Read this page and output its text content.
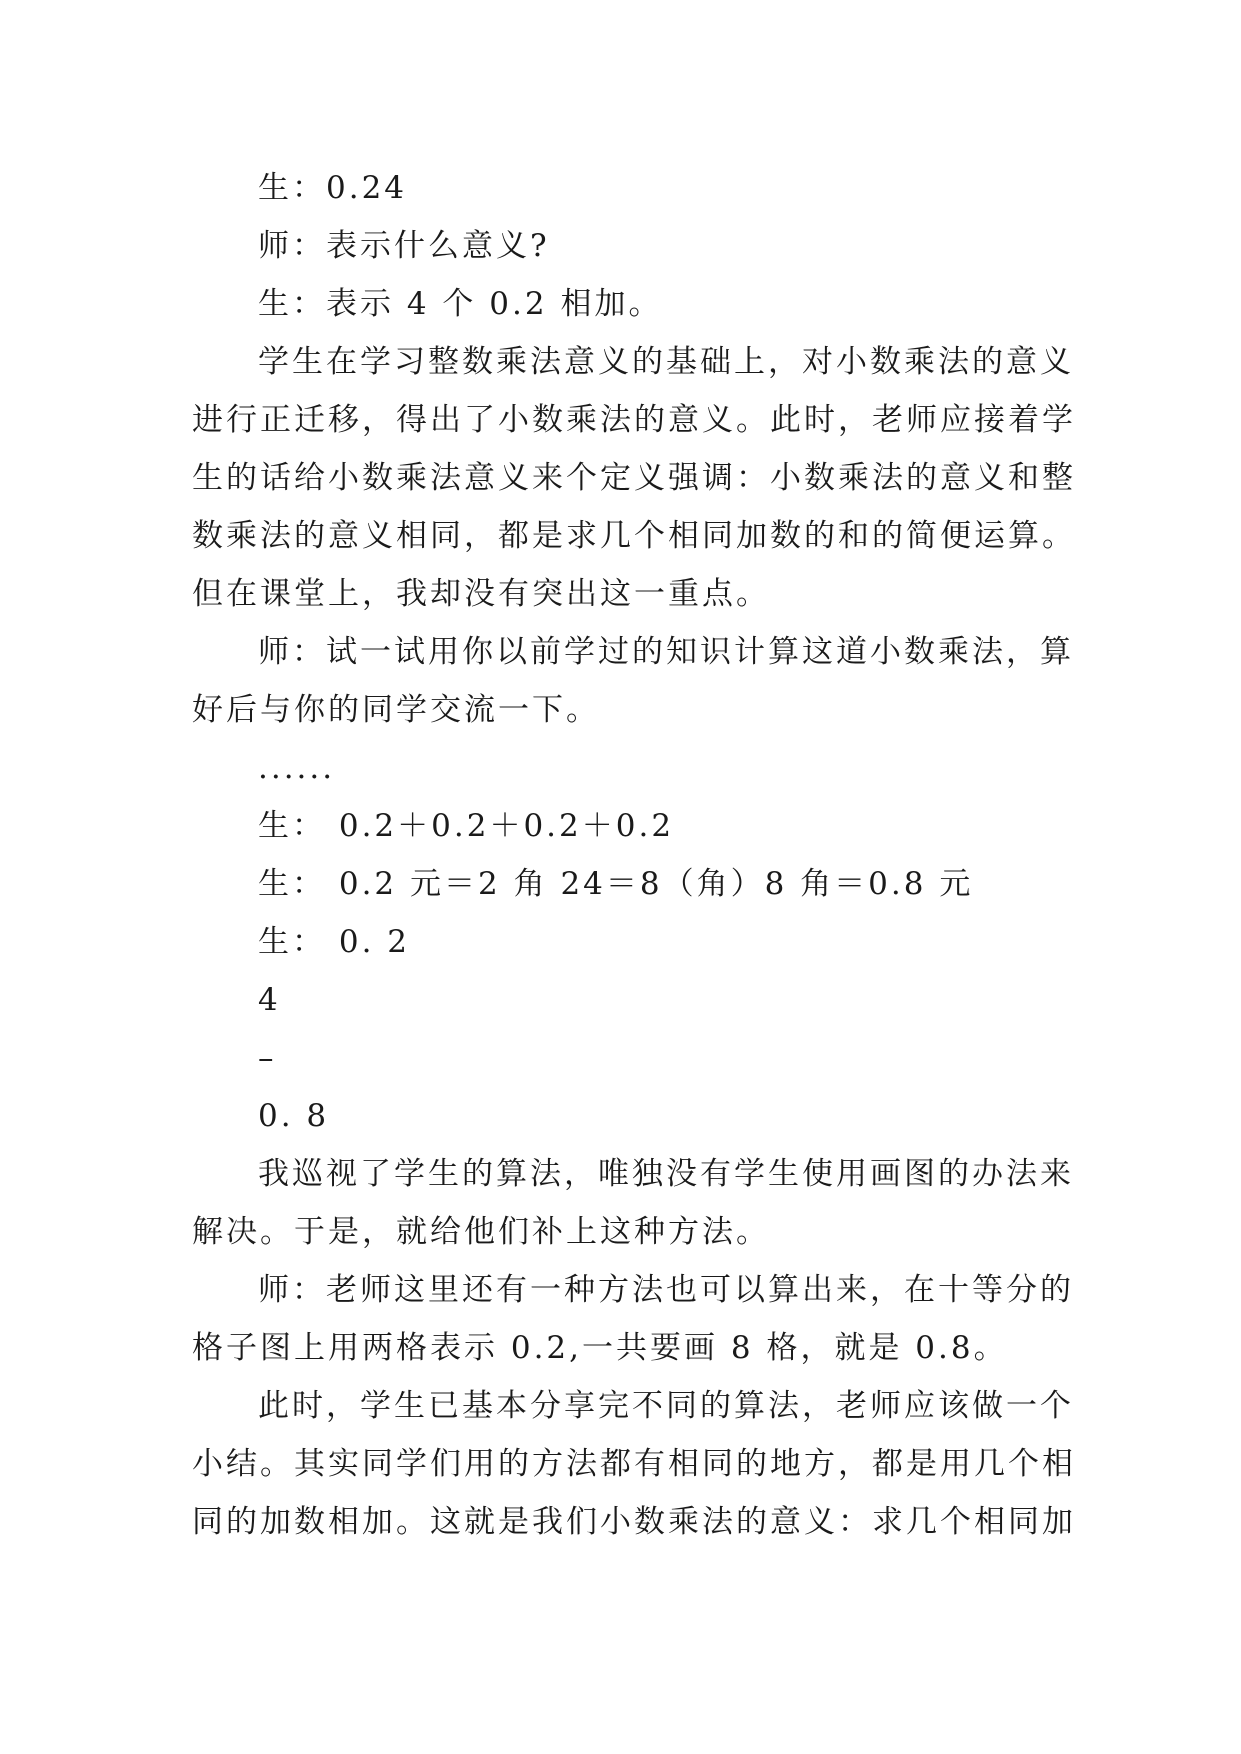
生：0.24
师：表示什么意义?
生：表示 4 个 0.2 相加。
学生在学习整数乘法意义的基础上，对小数乘法的意义
进行正迁移，得出了小数乘法的意义。此时，老师应接着学
生的话给小数乘法意义来个定义强调：小数乘法的意义和整
数乘法的意义相同，都是求几个相同加数的和的简便运算。
但在课堂上，我却没有突出这一重点。
师：试一试用你以前学过的知识计算这道小数乘法，算
好后与你的同学交流一下。
......
生： 0.2＋0.2＋0.2＋0.2
生： 0.2 元＝2 角 24＝8（角）8 角＝0.8 元
生： 0. 2
4
–
0. 8
我巡视了学生的算法，唯独没有学生使用画图的办法来
解决。于是，就给他们补上这种方法。
师：老师这里还有一种方法也可以算出来，在十等分的
格子图上用两格表示 0.2,一共要画 8 格，就是 0.8。
此时，学生已基本分享完不同的算法，老师应该做一个
小结。其实同学们用的方法都有相同的地方，都是用几个相
同的加数相加。这就是我们小数乘法的意义：求几个相同加
